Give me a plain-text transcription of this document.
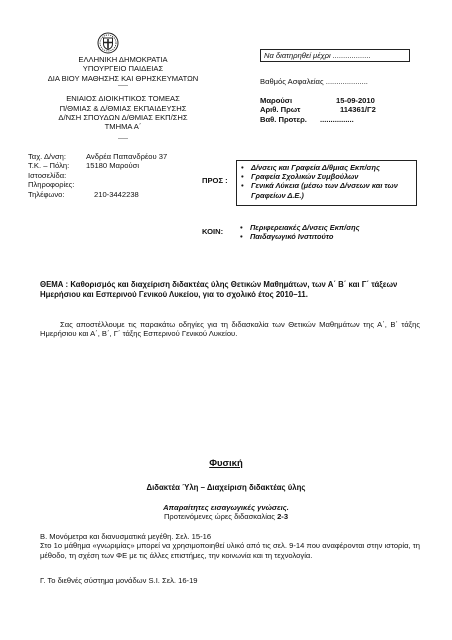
ΕΛΛΗΝΙΚΗ ΔΗΜΟΚΡΑΤΙΑ
ΥΠΟΥΡΓΕΙΟ ΠΑΙΔΕΙΑΣ
ΔΙΑ ΒΙΟΥ ΜΑΘΗΣΗΣ ΚΑΙ ΘΡΗΣΚΕΥΜΑΤΩΝ
-----
ΕΝΙΑΙΟΣ ΔΙΟΙΚΗΤΙΚΟΣ ΤΟΜΕΑΣ
Π/ΘΜΙΑΣ & Δ/ΘΜΙΑΣ ΕΚΠΑΙΔΕΥΣΗΣ
Δ/ΝΣΗ ΣΠΟΥΔΩΝ Δ/ΘΜΙΑΣ ΕΚΠ/ΣΗΣ
ΤΜΗΜΑ Α΄
-----
Να διατηρηθεί μέχρι ..................
Βαθμός Ασφαλείας ....................
Μαρούσι	15-09-2010
Αριθ. Πρωτ	114361/Γ2
Βαθ. Προτερ.	................
Ταχ. Δ/νση:	Ανδρέα Παπανδρέου 37
Τ.Κ. – Πόλη:	15180 Μαρούσι
Ιστοσελίδα:
Πληροφορίες:
Τηλέφωνο:	210-3442238
ΠΡΟΣ :
• Δ/νσεις και Γραφεία Δ/θμιας Εκπ/σης
• Γραφεία Σχολικών Συμβούλων
• Γενικά Λύκεια (μέσω των Δ/νσεων και των Γραφείων Δ.Ε.)
ΚΟΙΝ:
•	Περιφερειακές Δ/νσεις Εκπ/σης
• Παιδαγωγικό Ινστιτούτο
ΘΕΜΑ : Καθορισμός και διαχείριση διδακτέας ύλης Θετικών Μαθημάτων, των Α΄ Β΄ και Γ΄ τάξεων Ημερήσιου και Εσπερινού Γενικού Λυκείου, για το σχολικό έτος 2010–11.
Σας αποστέλλουμε τις παρακάτω οδηγίες για τη διδασκαλία των Θετικών Μαθημάτων της Α΄, Β΄ τάξης Ημερήσιου και Α΄, Β΄, Γ΄ τάξης Εσπερινού Γενικού Λυκείου.
Φυσική
Διδακτέα Ύλη – Διαχείριση διδακτέας ύλης
Απαραίτητες εισαγωγικές γνώσεις.
Προτεινόμενες ώρες διδασκαλίας 2-3
Β. Μονόμετρα και διανυσματικά μεγέθη. Σελ. 15-16
Στο 1ο μάθημα «γνωριμίας» μπορεί να χρησιμοποιηθεί υλικό από τις σελ. 9-14 που αναφέρονται στην ιστορία, τη μέθοδο, τη σχέση των ΦΕ με τις άλλες επιστήμες, την κοινωνία και τη τεχνολογία.
Γ. Το διεθνές σύστημα μονάδων S.I. Σελ. 16-19
